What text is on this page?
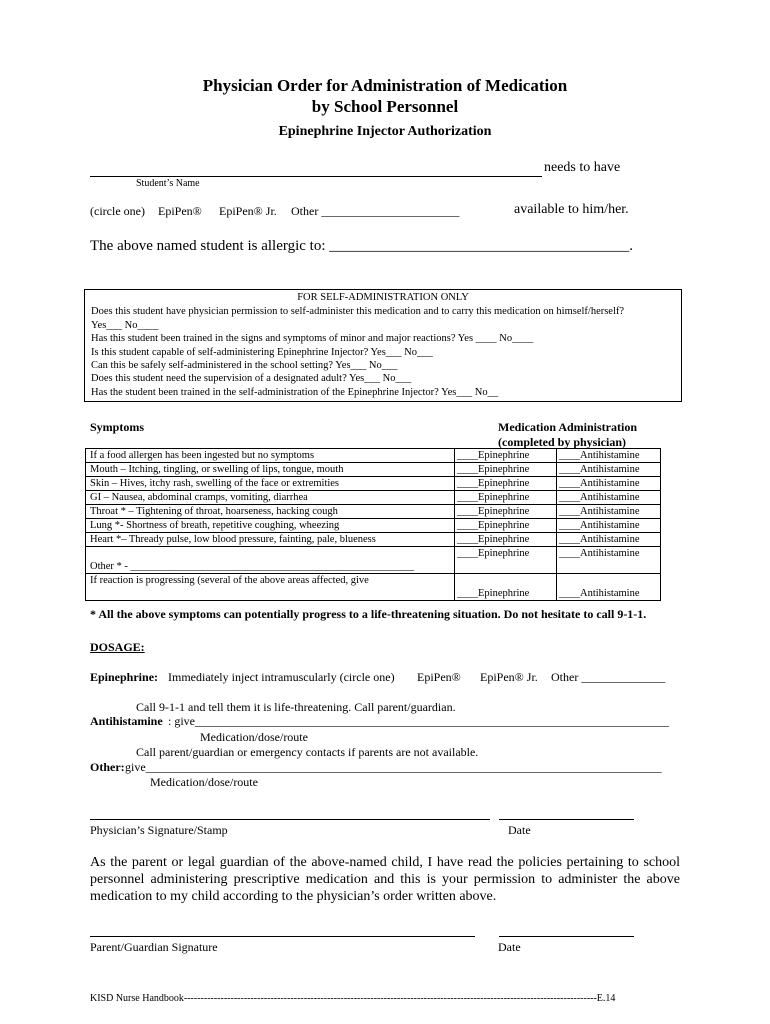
Physician Order for Administration of Medication
by School Personnel
Epinephrine Injector Authorization
needs to have
Student’s Name
(circle one) EpiPen® EpiPen® Jr. Other _______________________	available to him/her.
The above named student is allergic to: ________________________________________.
FOR SELF-ADMINISTRATION ONLY
Does this student have physician permission to self-administer this medication and to carry this medication on himself/herself?
Yes___ No____
Has this student been trained in the signs and symptoms of minor and major reactions? Yes ____ No____
Is this student capable of self-administering Epinephrine Injector? Yes___ No___
Can this be safely self-administered in the school setting? Yes___ No___
Does this student need the supervision of a designated adult? Yes___ No___
Has the student been trained in the self-administration of the Epinephrine Injector? Yes___ No__
Symptoms	Medication Administration
(completed by physician)
If a food allergen has been ingested but no symptoms	____Epinephrine	____Antihistamine
Mouth – Itching, tingling, or swelling of lips, tongue, mouth	____Epinephrine	____Antihistamine
Skin – Hives, itchy rash, swelling of the face or extremities	____Epinephrine	____Antihistamine
GI – Nausea, abdominal cramps, vomiting, diarrhea	____Epinephrine	____Antihistamine
Throat * – Tightening of throat, hoarseness, hacking cough	____Epinephrine	____Antihistamine
Lung *- Shortness of breath, repetitive coughing, wheezing	____Epinephrine	____Antihistamine
Heart *– Thready pulse, low blood pressure, fainting, pale, blueness	____Epinephrine	____Antihistamine
Other * - ______________________________________________________	____Epinephrine	____Antihistamine
If reaction is progressing (several of the above areas affected, give	____Epinephrine	____Antihistamine
* All the above symptoms can potentially progress to a life-threatening situation. Do not hesitate to call 9-1-1.
DOSAGE:
Epinephrine: Immediately inject intramuscularly (circle one) EpiPen® EpiPen® Jr. Other ______________
Call 9-1-1 and tell them it is life-threatening. Call parent/guardian.
Antihistamine : give_______________________________________________________________________________
Medication/dose/route
Call parent/guardian or emergency contacts if parents are not available.
Other: give______________________________________________________________________________________
Medication/dose/route
Physician’s Signature/Stamp	Date
As the parent or legal guardian of the above-named child, I have read the policies pertaining to school
personnel administering prescriptive medication and this is your permission to administer the above
medication to my child according to the physician’s order written above.
Parent/Guardian Signature	Date
KISD Nurse Handbook----------------------------------------------------------------------------------------------------------------------------E.14
